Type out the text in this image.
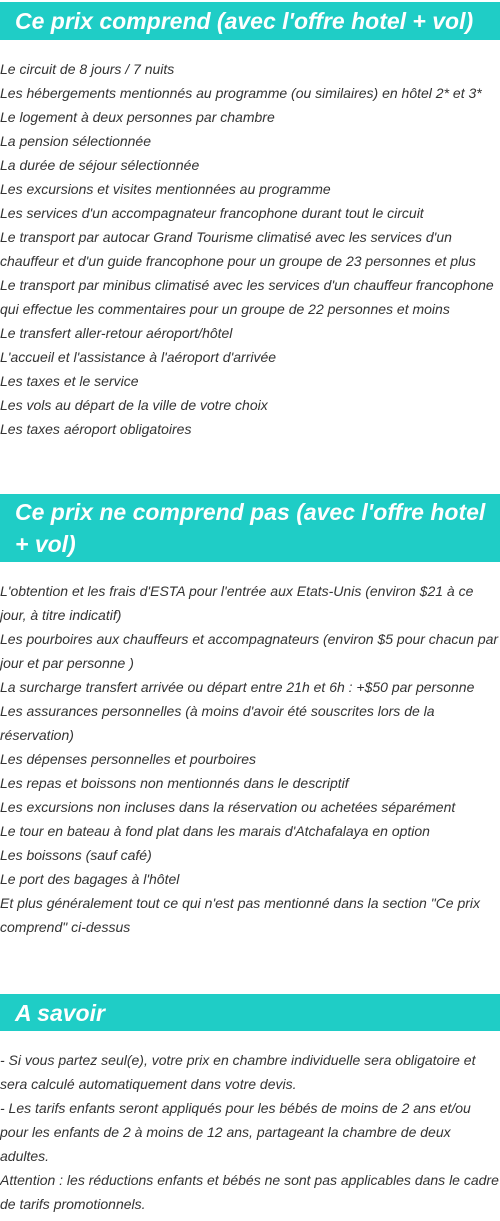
Ce prix comprend (avec l'offre hotel + vol)
Le circuit de 8 jours / 7 nuits
Les hébergements mentionnés au programme (ou similaires) en hôtel 2* et 3*
Le logement à deux personnes par chambre
La pension sélectionnée
La durée de séjour sélectionnée
Les excursions et visites mentionnées au programme
Les services d'un accompagnateur francophone durant tout le circuit
Le transport par autocar Grand Tourisme climatisé avec les services d'un chauffeur et d'un guide francophone pour un groupe de 23 personnes et plus
Le transport par minibus climatisé avec les services d'un chauffeur francophone qui effectue les commentaires pour un groupe de 22 personnes et moins
Le transfert aller-retour aéroport/hôtel
L'accueil et l'assistance à l'aéroport d'arrivée
Les taxes et le service
Les vols au départ de la ville de votre choix
Les taxes aéroport obligatoires
Ce prix ne comprend pas (avec l'offre hotel + vol)
L'obtention et les frais d'ESTA pour l'entrée aux Etats-Unis (environ $21 à ce jour, à titre indicatif)
Les pourboires aux chauffeurs et accompagnateurs (environ $5 pour chacun par jour et par personne )
La surcharge transfert arrivée ou départ entre 21h et 6h : +$50 par personne
Les assurances personnelles (à moins d'avoir été souscrites lors de la réservation)
Les dépenses personnelles et pourboires
Les repas et boissons non mentionnés dans le descriptif
Les excursions non incluses dans la réservation ou achetées séparément
Le tour en bateau à fond plat dans les marais d'Atchafalaya en option
Les boissons (sauf café)
Le port des bagages à l'hôtel
Et plus généralement tout ce qui n'est pas mentionné dans la section "Ce prix comprend" ci-dessus
A savoir
- Si vous partez seul(e), votre prix en chambre individuelle sera obligatoire et sera calculé automatiquement dans votre devis.
- Les tarifs enfants seront appliqués pour les bébés de moins de 2 ans et/ou pour les enfants de 2 à moins de 12 ans, partageant la chambre de deux adultes.
Attention : les réductions enfants et bébés ne sont pas applicables dans le cadre de tarifs promotionnels.
